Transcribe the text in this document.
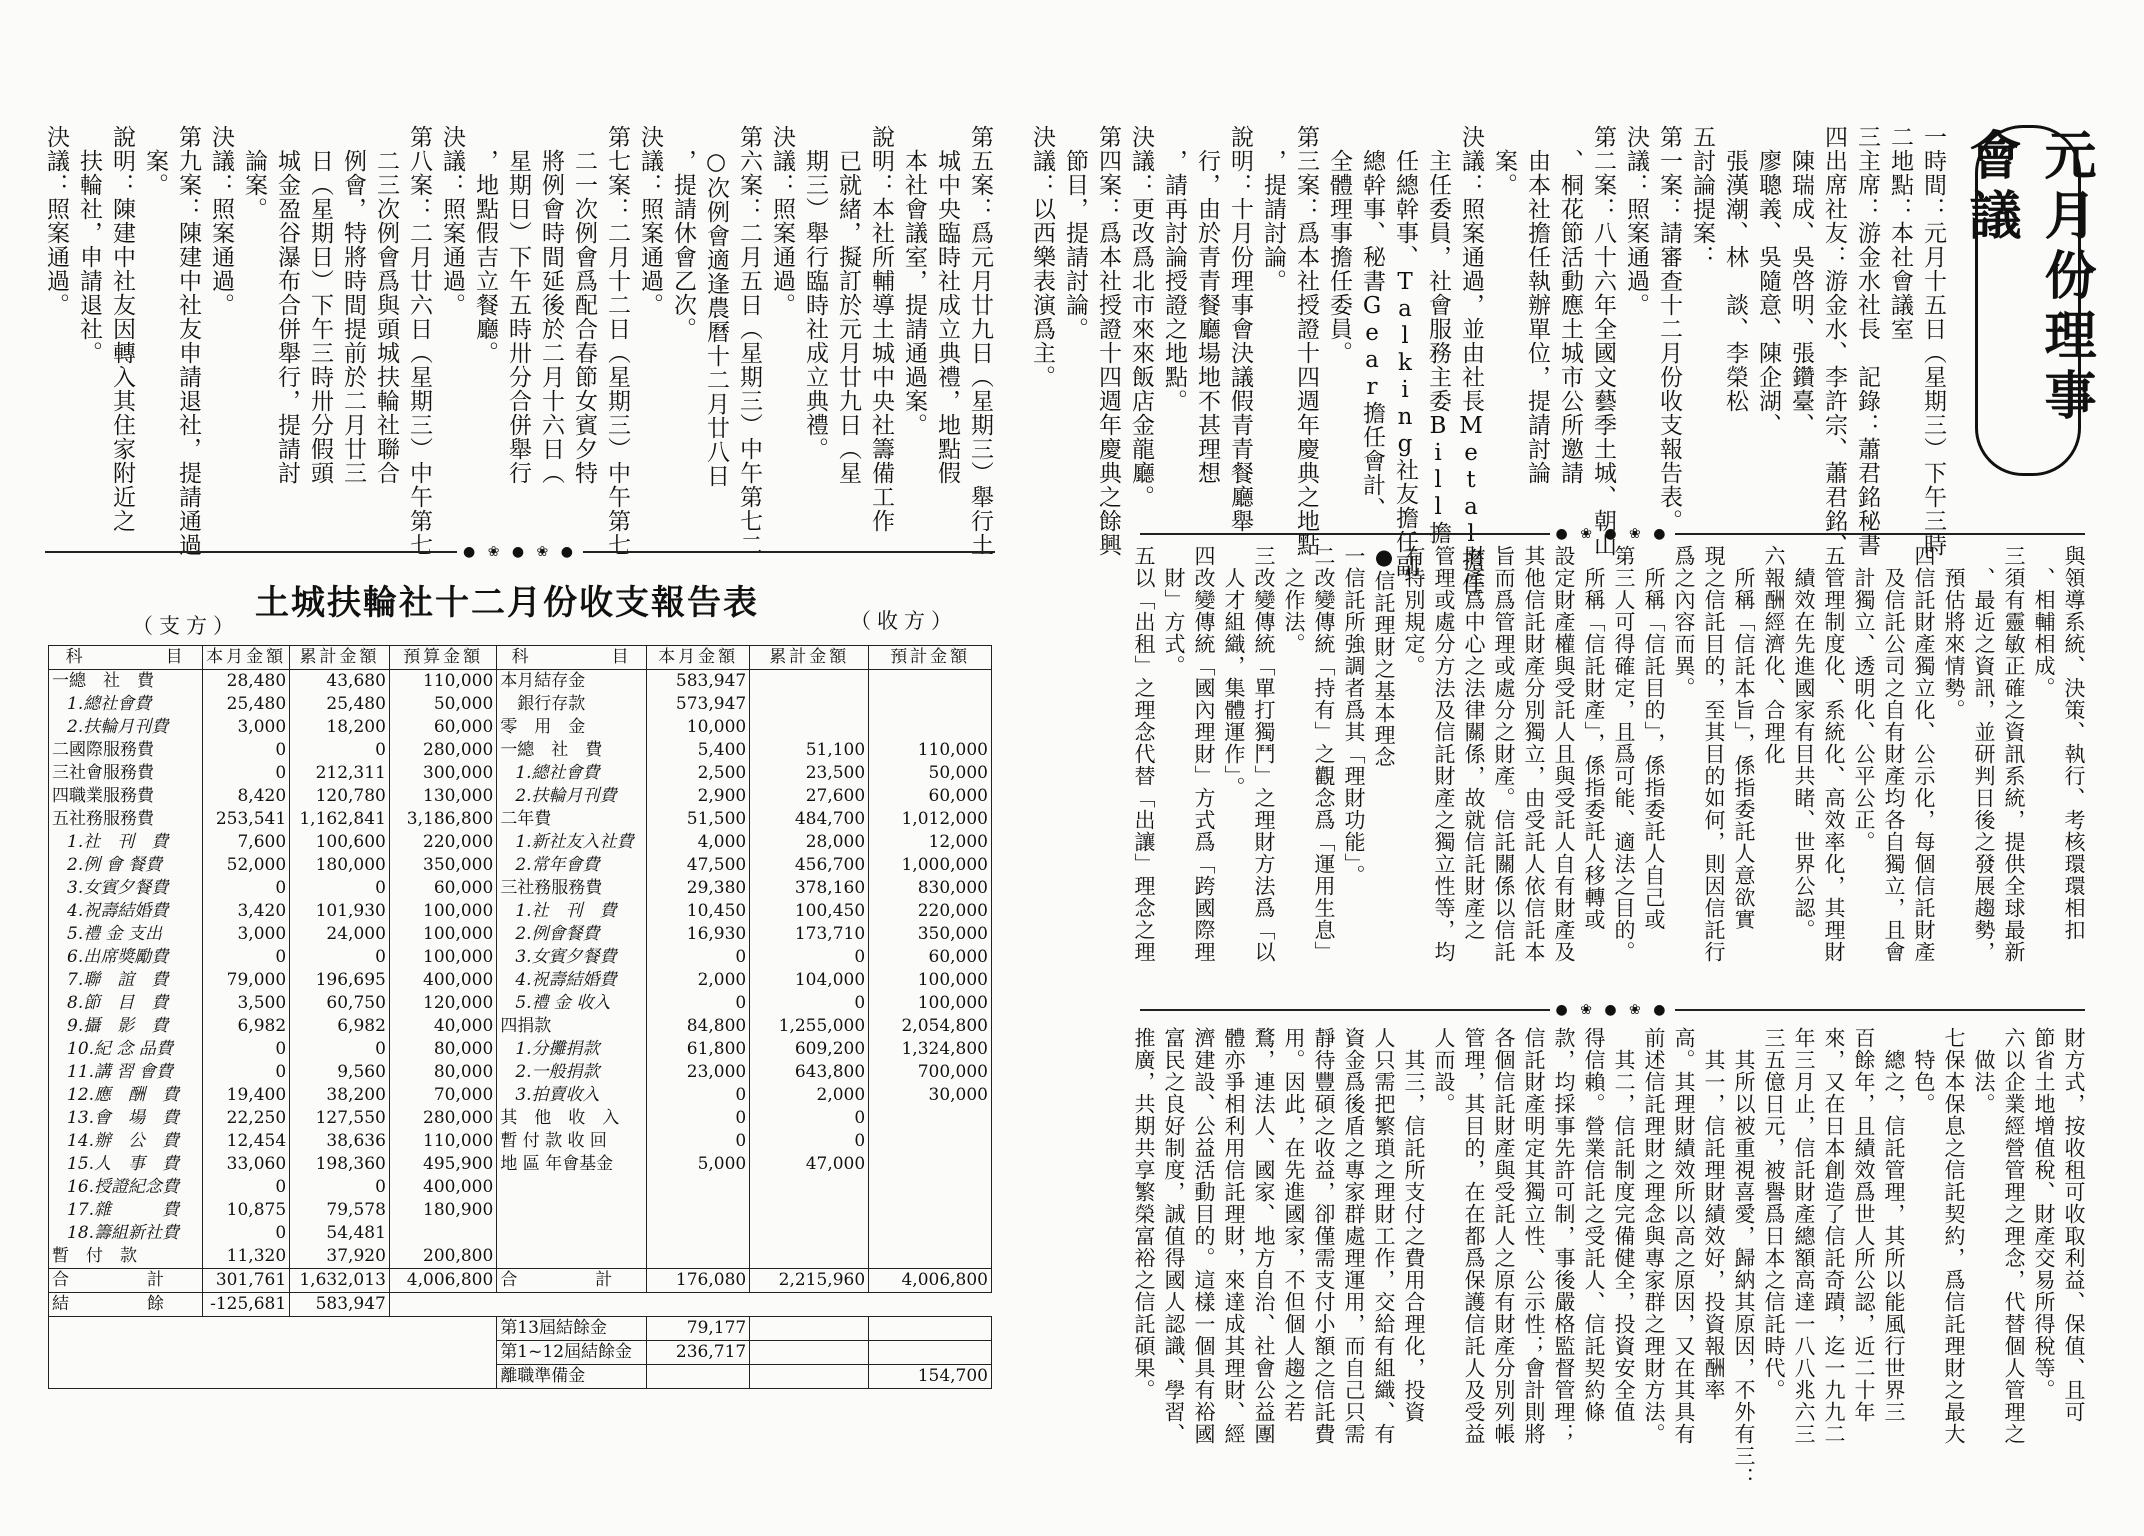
元月份理事會議
一時間：元月十五日（星期三）下午三時
二地點：本社會議室
三主席：游金水社長　記錄：蕭君銘秘書
四出席社友：游金水、李許宗、蕭君銘、
　陳瑞成、吳啓明、張鑽臺、
　廖聰義、吳隨意、陳企湖、
　張漢潮、林　談、李榮松
五討論提案：
第一案：請審查十二月份收支報告表。
決議：照案通過。
第二案：八十六年全國文藝季土城、朝山
　、桐花節活動應土城市公所邀請
　由本社擔任執辦單位，提請討論
　案。
決議：照案通過，並由社長Metal擔任
　主任委員，社會服務主委Bill擔
　任總幹事、Talking社友擔任副
　總幹事、秘書Gear擔任會計、
　全體理事擔任委員。
第三案：爲本社授證十四週年慶典之地點
　，提請討論。
說明：十月份理事會決議假青青餐廳舉
　行，由於青青餐廳場地不甚理想
　，請再討論授證之地點。
決議：更改爲北市來來飯店金龍廳。
第四案：爲本社授證十四週年慶典之餘興
　節目，提請討論。
決議：以西樂表演爲主。
● ❀ ● ❀ ●
第五案：爲元月廿九日（星期三）舉行土
　城中央臨時社成立典禮，地點假
　本社會議室，提請通過案。
說明：本社所輔導土城中央社籌備工作
　已就緒，擬訂於元月廿九日（星
　期三）舉行臨時社成立典禮。
決議：照案通過。
第六案：二月五日（星期三）中午第七二
　○次例會適逢農曆十二月廿八日
　，提請休會乙次。
決議：照案通過。
第七案：二月十二日（星期三）中午第七
　二一次例會爲配合春節女賓夕特
　將例會時間延後於二月十六日（
　星期日）下午五時卅分合併舉行
　，地點假吉立餐廳。
決議：照案通過。
第八案：二月廿六日（星期三）中午第七
　二三次例會爲與頭城扶輪社聯合
　例會，特將時間提前於二月廿三
　日（星期日）下午三時卅分假頭
　城金盈谷瀑布合併舉行，提請討
　論案。
決議：照案通過。
第九案：陳建中社友申請退社，提請通過
　案。
說明：陳建中社友因轉入其住家附近之
　扶輪社，申請退社。
決議：照案通過。
● ❀ ● ❀ ●	與領導系統、決策、執行、考核環環相扣
　、相輔相成。
三須有靈敏正確之資訊系統，提供全球最新
　、最近之資訊，並研判日後之發展趨勢，
　預估將來情勢。
四信託財產獨立化、公示化，每個信託財產
　及信託公司之自有財產均各自獨立，且會
　計獨立、透明化、公平公正。
五管理制度化、系統化、高效率化，其理財
　績效在先進國家有目共睹、世界公認。
六報酬經濟化、合理化
　所稱「信託本旨」，係指委託人意欲實
現之信託目的，至其目的如何，則因信託行
爲之內容而異。
　所稱「信託目的」，係指委託人自己或
第三人可得確定，且爲可能、適法之目的。
　所稱「信託財產」，係指委託人移轉或
設定財產權與受託人且與受託人自有財產及
其他信託財產分別獨立，由受託人依信託本
旨而爲管理或處分之財產。信託關係以信託
財產爲中心之法律關係，故就信託財產之
管理或處分方法及信託財產之獨立性等，均
有特別規定。
●信託理財之基本理念
一信託所強調者爲其「理財功能」。
二改變傳統「持有」之觀念爲「運用生息」
　之作法。
三改變傳統「單打獨鬥」之理財方法爲「以
　人才組織，集體運作」。
四改變傳統「國內理財」方式爲「跨國際理
　財」方式。
五以「出租」之理念代替「出讓」理念之理
● ❀ ● ❀ ●
財方式，按收租可收取利益、保值、且可
節省土地增值稅、財產交易所得稅等。
六以企業經營管理之理念，代替個人管理之
　做法。
七保本保息之信託契約，爲信託理財之最大
　特色。
　總之，信託管理，其所以能風行世界三
百餘年，且績效爲世人所公認，近二十年
來，又在日本創造了信託奇蹟，迄一九九二
年三月止，信託財產總額高達一八八兆六三
三五億日元，被譽爲日本之信託時代。
　其所以被重視喜愛，歸納其原因，不外有三：
　其一，信託理財績效好，投資報酬率
高。其理財績效所以高之原因，又在其具有
前述信託理財之理念與專家群之理財方法。
　其二，信託制度完備健全，投資安全值
得信賴。營業信託之受託人、信託契約條
款，均採事先許可制，事後嚴格監督管理；
信託財產明定其獨立性、公示性；會計則將
各個信託財產與受託人之原有財產分別列帳
管理，其目的，在在都爲保護信託人及受益
人而設。
　其三，信託所支付之費用合理化，投資
人只需把繁瑣之理財工作，交給有組織、有
資金爲後盾之專家群處理運用，而自己只需
靜待豐碩之收益，卻僅需支付小額之信託費
用。因此，在先進國家，不但個人趨之若
鶩，連法人、國家、地方自治、社會公益團
體亦爭相利用信託理財，來達成其理財、經
濟建設、公益活動目的。這樣一個具有裕國
富民之良好制度，誠值得國人認識、學習、
推廣，共期共享繁榮富裕之信託碩果。
土城扶輪社十二月份收支報告表
（支方）	（收方）
科　　　　目	本月金額	累計金額	預算金額	科　　　　目	本月金額	累計金額	預計金額
一總　社　費	28,480	43,680	110,000	本月結存金	583,947		
1.總社會費	25,480	25,480	50,000	　銀行存款	573,947		
2.扶輪月刊費	3,000	18,200	60,000	零　用　金	10,000		
二國際服務費	0	0	280,000	一總　社　費	5,400	51,100	110,000
三社會服務費	0	212,311	300,000	1.總社會費	2,500	23,500	50,000
四職業服務費	8,420	120,780	130,000	2.扶輪月刊費	2,900	27,600	60,000
五社務服務費	253,541	1,162,841	3,186,800	二年費	51,500	484,700	1,012,000
1.社　刊　費	7,600	100,600	220,000	1.新社友入社費	4,000	28,000	12,000
2.例 會 餐費	52,000	180,000	350,000	2.常年會費	47,500	456,700	1,000,000
3.女賓夕餐費	0	0	60,000	三社務服務費	29,380	378,160	830,000
4.祝壽結婚費	3,420	101,930	100,000	1.社　刊　費	10,450	100,450	220,000
5.禮 金 支出	3,000	24,000	100,000	2.例會餐費	16,930	173,710	350,000
6.出席獎勵費	0	0	100,000	3.女賓夕餐費	0	0	60,000
7.聯　誼　費	79,000	196,695	400,000	4.祝壽結婚費	2,000	104,000	100,000
8.節　目　費	3,500	60,750	120,000	5.禮 金 收入	0	0	100,000
9.攝　影　費	6,982	6,982	40,000	四捐款	84,800	1,255,000	2,054,800
10.紀 念 品費	0	0	80,000	1.分攤捐款	61,800	609,200	1,324,800
11.講 習 會費	0	9,560	80,000	2.一般捐款	23,000	643,800	700,000
12.應　酬　費	19,400	38,200	70,000	3.拍賣收入	0	2,000	30,000
13.會　場　費	22,250	127,550	280,000	其　他　收　入	0	0	
14.辦　公　費	12,454	38,636	110,000	暫 付 款 收 回	0	0	
15.人　事　費	33,060	198,360	495,900	地 區 年會基金	5,000	47,000	
16.授證紀念費	0	0	400,000				
17.雜　　　費	10,875	79,578	180,900				
18.籌組新社費	0	54,481					
暫　付　款	11,320	37,920	200,800				
合　　　　計	301,761	1,632,013	4,006,800	合　　　　計	176,080	2,215,960	4,006,800
結　　　　餘	-125,681	583,947					
				第13屆結餘金	79,177		
				第1~12屆結餘金	236,717		
				離職準備金			154,700
